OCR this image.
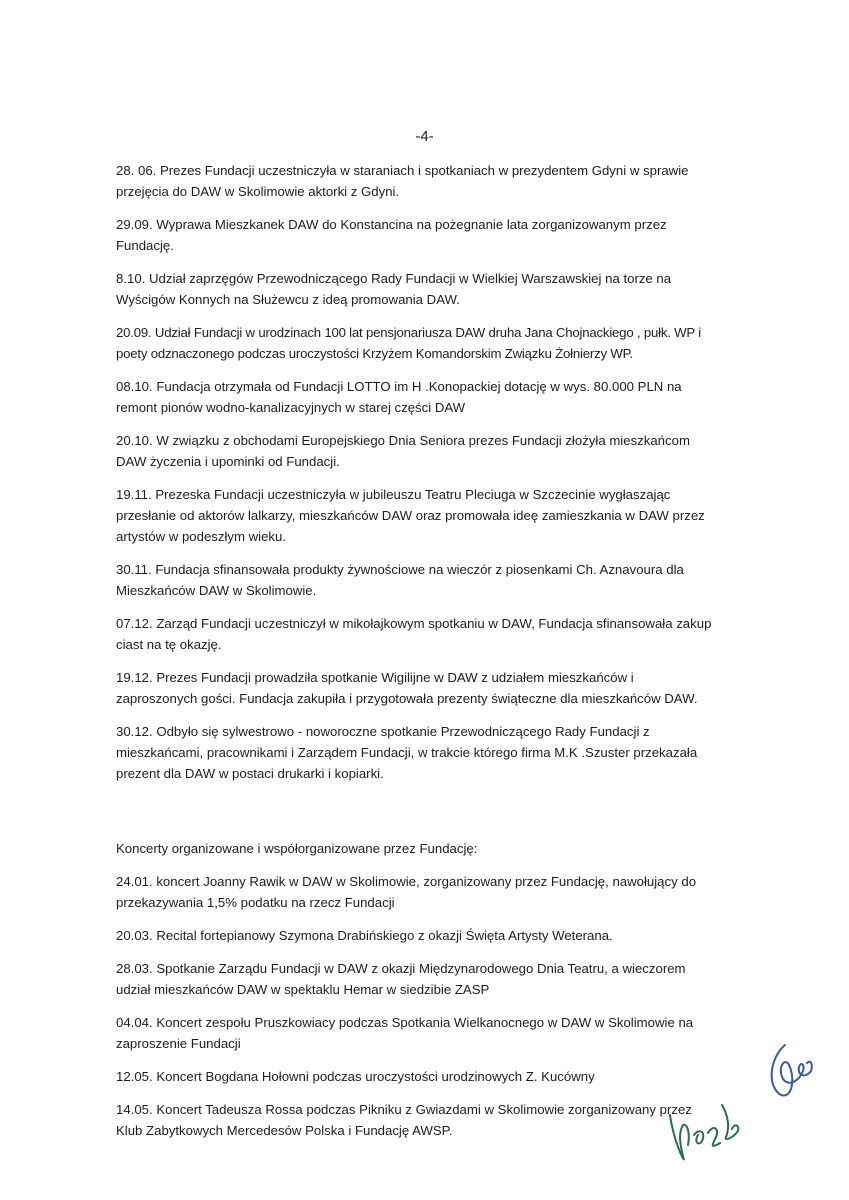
-4-

28. 06. Prezes Fundacji uczestniczyła w staraniach i spotkaniach w prezydentem Gdyni w sprawie przejęcia do DAW w Skolimowie aktorki z Gdyni.

29.09. Wyprawa Mieszkanek DAW do Konstancina na pożegnanie lata zorganizowanym przez Fundację.

8.10. Udział zaprzęgów Przewodniczącego Rady Fundacji w Wielkiej Warszawskiej na torze na Wyścigów Konnych na Służewcu z ideą promowania DAW.

20.09. Udział Fundacji w urodzinach 100 lat pensjonariusza DAW druha Jana Chojnackiego , pułk. WP i poety odznaczonego podczas uroczystości Krzyżem Komandorskim Związku Żołnierzy WP.

08.10. Fundacja otrzymała od Fundacji LOTTO im H .Konopackiej dotację w wys. 80.000 PLN na remont pionów wodno-kanalizacyjnych w starej części DAW

20.10. W związku z obchodami Europejskiego Dnia Seniora prezes Fundacji złożyła mieszkańcom DAW życzenia i upominki od Fundacji.

19.11. Prezeska Fundacji uczestniczyła w jubileuszu Teatru Pleciuga w Szczecinie wygłaszając przesłanie od aktorów lalkarzy, mieszkańców DAW oraz promowała ideę zamieszkania w DAW przez artystów w podeszłym wieku.

30.11. Fundacja sfinansowała produkty żywnościowe na wieczór z piosenkami Ch. Aznavoura dla Mieszkańców DAW w Skolimowie.

07.12. Zarząd Fundacji uczestniczył w mikołajkowym spotkaniu w DAW, Fundacja sfinansowała zakup ciast na tę okazję.

19.12. Prezes Fundacji prowadziła spotkanie Wigilijne w DAW z udziałem mieszkańców i zaproszonych gości. Fundacja zakupiła i przygotowała prezenty świąteczne dla mieszkańców DAW.

30.12. Odbyło się sylwestrowo - noworoczne spotkanie Przewodniczącego Rady Fundacji z mieszkańcami, pracownikami i Zarządem Fundacji, w trakcie którego firma M.K .Szuster przekazała prezent dla DAW w postaci drukarki i kopiarki.

Koncerty organizowane i współorganizowane przez Fundację:

24.01. koncert Joanny Rawik w DAW w Skolimowie, zorganizowany przez Fundację, nawołujący do przekazywania 1,5% podatku na rzecz Fundacji

20.03. Recital fortepianowy Szymona Drabińskiego z okazji Święta Artysty Weterana.

28.03. Spotkanie Zarządu Fundacji w DAW z okazji Międzynarodowego Dnia Teatru, a wieczorem udział mieszkańców DAW w spektaklu Hemar w siedzibie ZASP

04.04. Koncert zespołu Pruszkowiacy podczas Spotkania Wielkanocnego w DAW w Skolimowie na zaproszenie Fundacji

12.05. Koncert Bogdana Hołowni podczas uroczystości urodzinowych Z. Kucówny

14.05. Koncert Tadeusza Rossa podczas Pikniku z Gwiazdami w Skolimowie zorganizowany przez Klub Zabytkowych Mercedesów Polska i Fundację AWSP.
